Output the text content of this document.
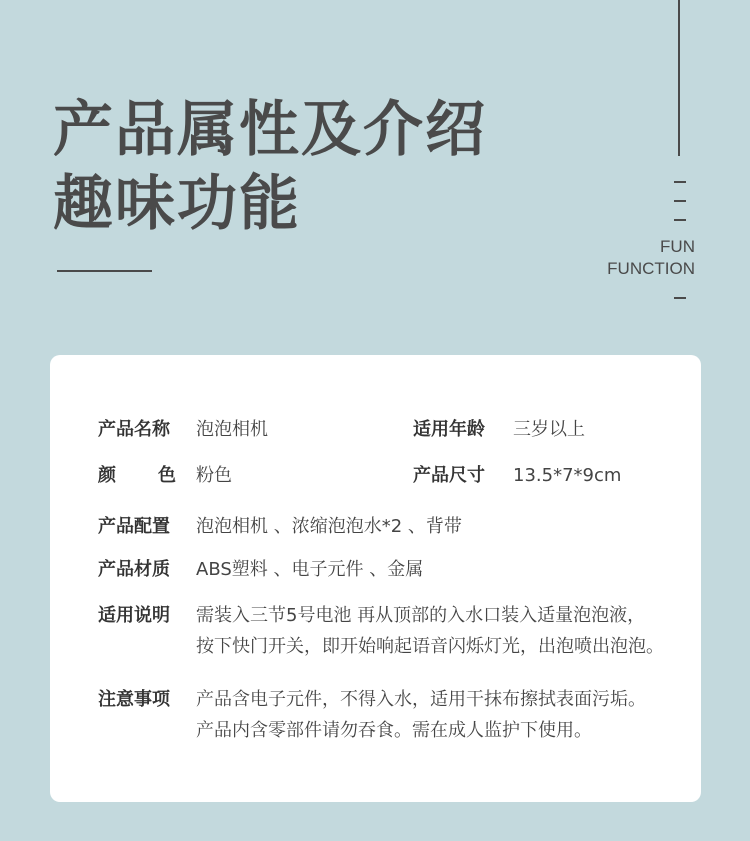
产品属性及介绍
趣味功能
FUN
FUNCTION
产品名称 泡泡相机	适用年龄 三岁以上
颜 色 粉色	产品尺寸 13.5*7*9cm
产品配置 泡泡相机 、浓缩泡泡水*2 、背带
产品材质 ABS塑料 、电子元件 、金属
适用说明 需装入三节5号电池 再从顶部的入水口装入适量泡泡液，
按下快门开关，即开始响起语音闪烁灯光，出泡喷出泡泡。
注意事项 产品含电子元件，不得入水，适用干抹布擦拭表面污垢。
产品内含零部件请勿吞食。需在成人监护下使用。
